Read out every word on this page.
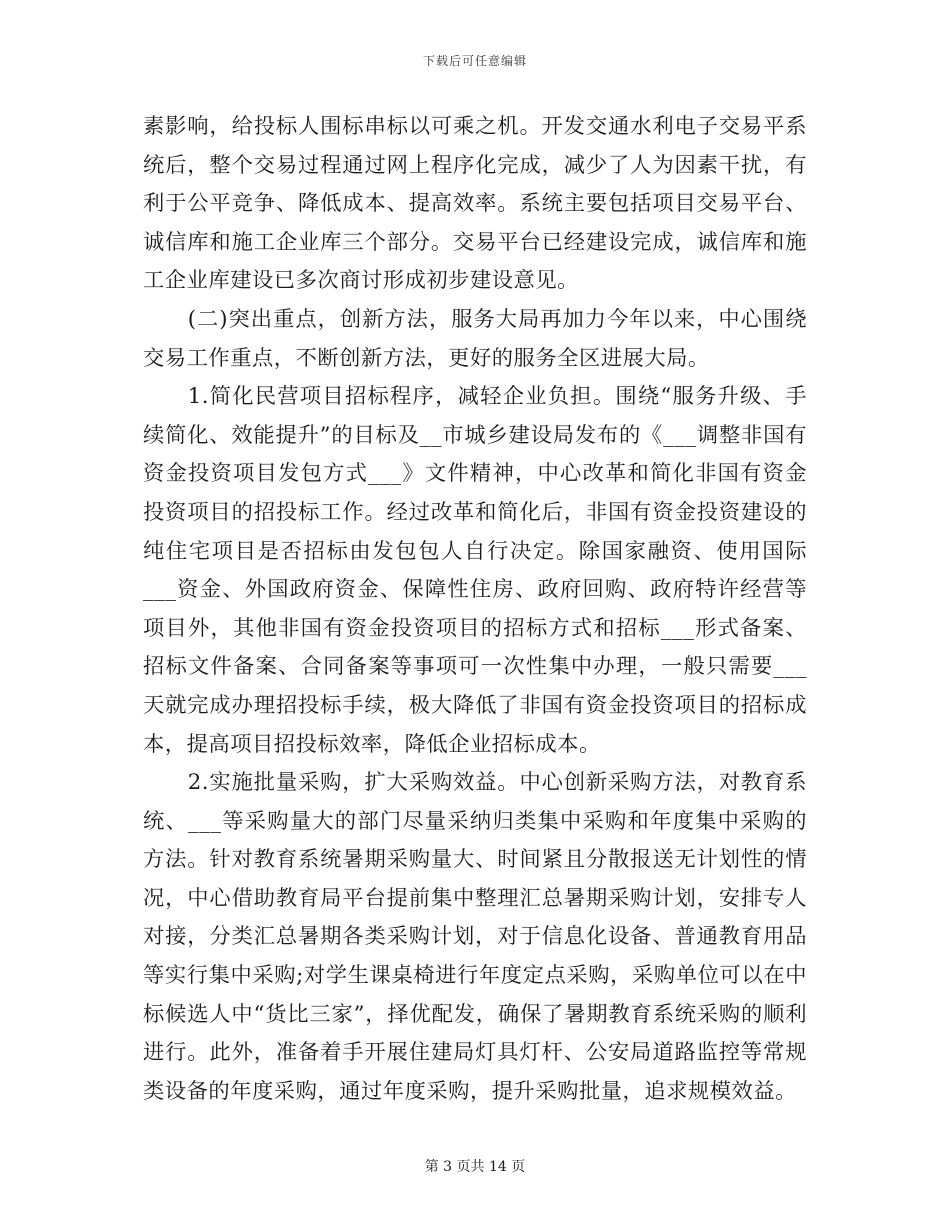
下载后可任意编辑

素影响，给投标人围标串标以可乘之机。开发交通水利电子交易平系统后，整个交易过程通过网上程序化完成，减少了人为因素干扰，有利于公平竞争、降低成本、提高效率。系统主要包括项目交易平台、诚信库和施工企业库三个部分。交易平台已经建设完成，诚信库和施工企业库建设已多次商讨形成初步建设意见。

(二)突出重点，创新方法，服务大局再加力今年以来，中心围绕交易工作重点，不断创新方法，更好的服务全区进展大局。

1.简化民营项目招标程序，减轻企业负担。围绕“服务升级、手续简化、效能提升”的目标及__市城乡建设局发布的《___调整非国有资金投资项目发包方式___》文件精神，中心改革和简化非国有资金投资项目的招投标工作。经过改革和简化后，非国有资金投资建设的纯住宅项目是否招标由发包包人自行决定。除国家融资、使用国际___资金、外国政府资金、保障性住房、政府回购、政府特许经营等项目外，其他非国有资金投资项目的招标方式和招标___形式备案、招标文件备案、合同备案等事项可一次性集中办理，一般只需要___天就完成办理招投标手续，极大降低了非国有资金投资项目的招标成本，提高项目招投标效率，降低企业招标成本。

2.实施批量采购，扩大采购效益。中心创新采购方法，对教育系统、___等采购量大的部门尽量采纳归类集中采购和年度集中采购的方法。针对教育系统暑期采购量大、时间紧且分散报送无计划性的情况，中心借助教育局平台提前集中整理汇总暑期采购计划，安排专人对接，分类汇总暑期各类采购计划，对于信息化设备、普通教育用品等实行集中采购;对学生课桌椅进行年度定点采购，采购单位可以在中标候选人中“货比三家”，择优配发，确保了暑期教育系统采购的顺利进行。此外，准备着手开展住建局灯具灯杆、公安局道路监控等常规类设备的年度采购，通过年度采购，提升采购批量，追求规模效益。

第 3 页共 14 页
